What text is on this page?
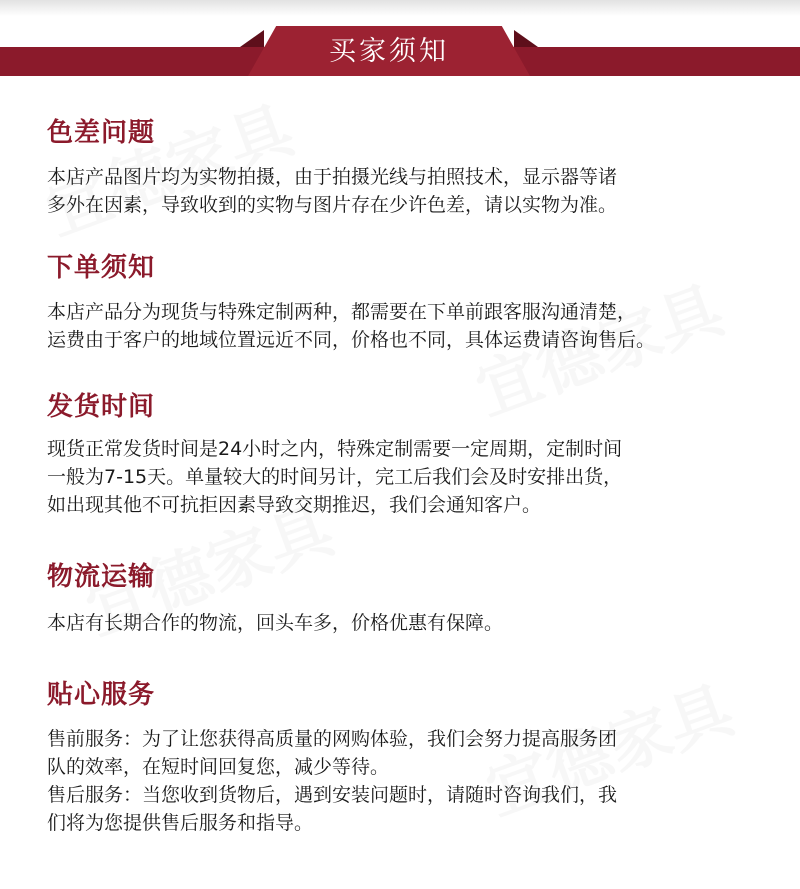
买家须知
色差问题

本店产品图片均为实物拍摄，由于拍摄光线与拍照技术，显示器等诸
多外在因素，导致收到的实物与图片存在少许色差，请以实物为准。

下单须知

本店产品分为现货与特殊定制两种，都需要在下单前跟客服沟通清楚，
运费由于客户的地域位置远近不同，价格也不同，具体运费请咨询售后。

发货时间

现货正常发货时间是24小时之内，特殊定制需要一定周期，定制时间
一般为7-15天。单量较大的时间另计，完工后我们会及时安排出货，
如出现其他不可抗拒因素导致交期推迟，我们会通知客户。

物流运输

本店有长期合作的物流，回头车多，价格优惠有保障。

贴心服务

售前服务：为了让您获得高质量的网购体验，我们会努力提高服务团
队的效率，在短时间回复您，减少等待。
售后服务：当您收到货物后，遇到安装问题时，请随时咨询我们，我
们将为您提供售后服务和指导。
